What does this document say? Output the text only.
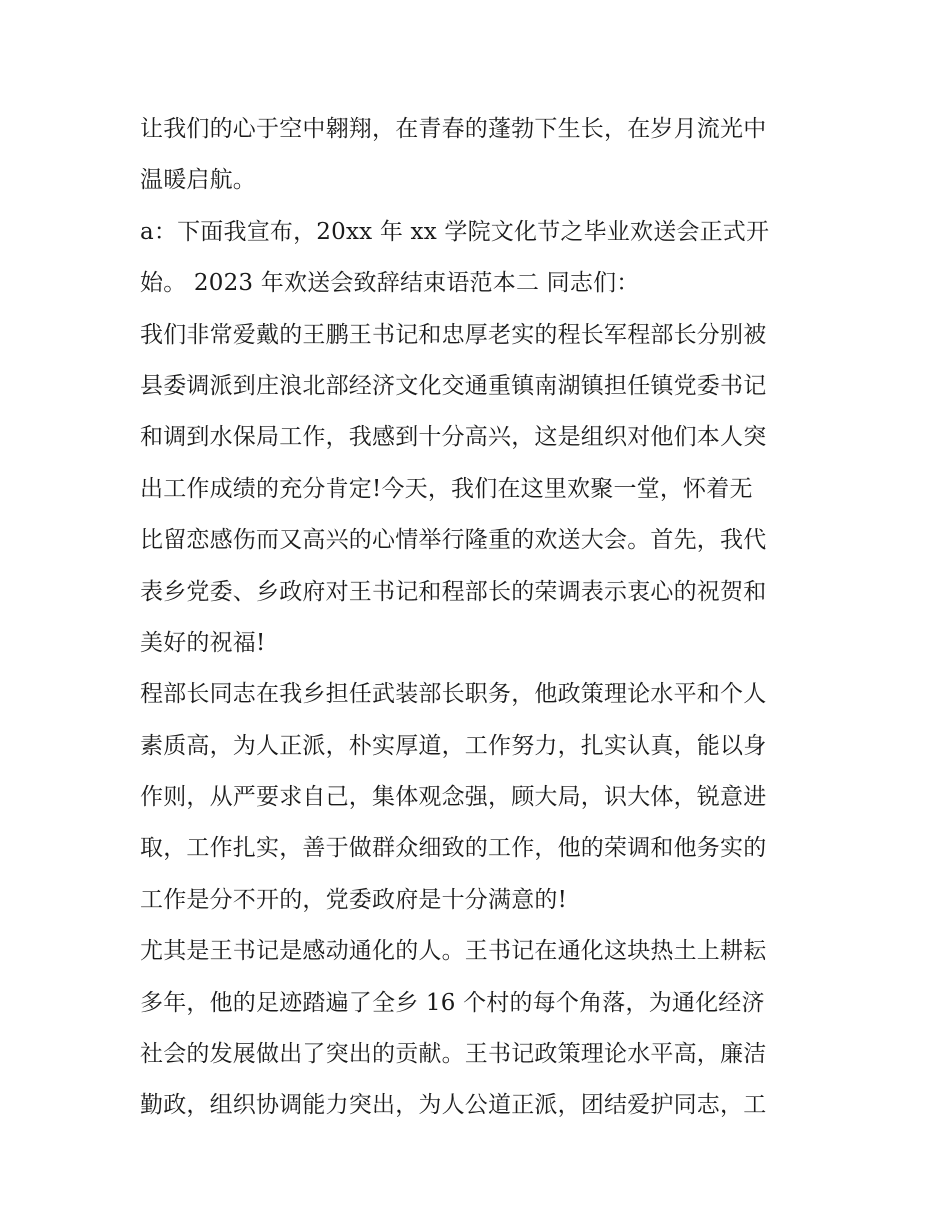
让我们的心于空中翱翔，在青春的蓬勃下生长，在岁月流光中
温暖启航。
a：下面我宣布，20xx 年 xx 学院文化节之毕业欢送会正式开
始。 2023 年欢送会致辞结束语范本二 同志们：
我们非常爱戴的王鹏王书记和忠厚老实的程长军程部长分别被
县委调派到庄浪北部经济文化交通重镇南湖镇担任镇党委书记
和调到水保局工作，我感到十分高兴，这是组织对他们本人突
出工作成绩的充分肯定!今天，我们在这里欢聚一堂，怀着无
比留恋感伤而又高兴的心情举行隆重的欢送大会。首先，我代
表乡党委、乡政府对王书记和程部长的荣调表示衷心的祝贺和
美好的祝福!
程部长同志在我乡担任武装部长职务，他政策理论水平和个人
素质高，为人正派，朴实厚道，工作努力，扎实认真，能以身
作则，从严要求自己，集体观念强，顾大局，识大体，锐意进
取，工作扎实，善于做群众细致的工作，他的荣调和他务实的
工作是分不开的，党委政府是十分满意的!
尤其是王书记是感动通化的人。王书记在通化这块热土上耕耘
多年，他的足迹踏遍了全乡 16 个村的每个角落，为通化经济
社会的发展做出了突出的贡献。王书记政策理论水平高，廉洁
勤政，组织协调能力突出，为人公道正派，团结爱护同志，工
